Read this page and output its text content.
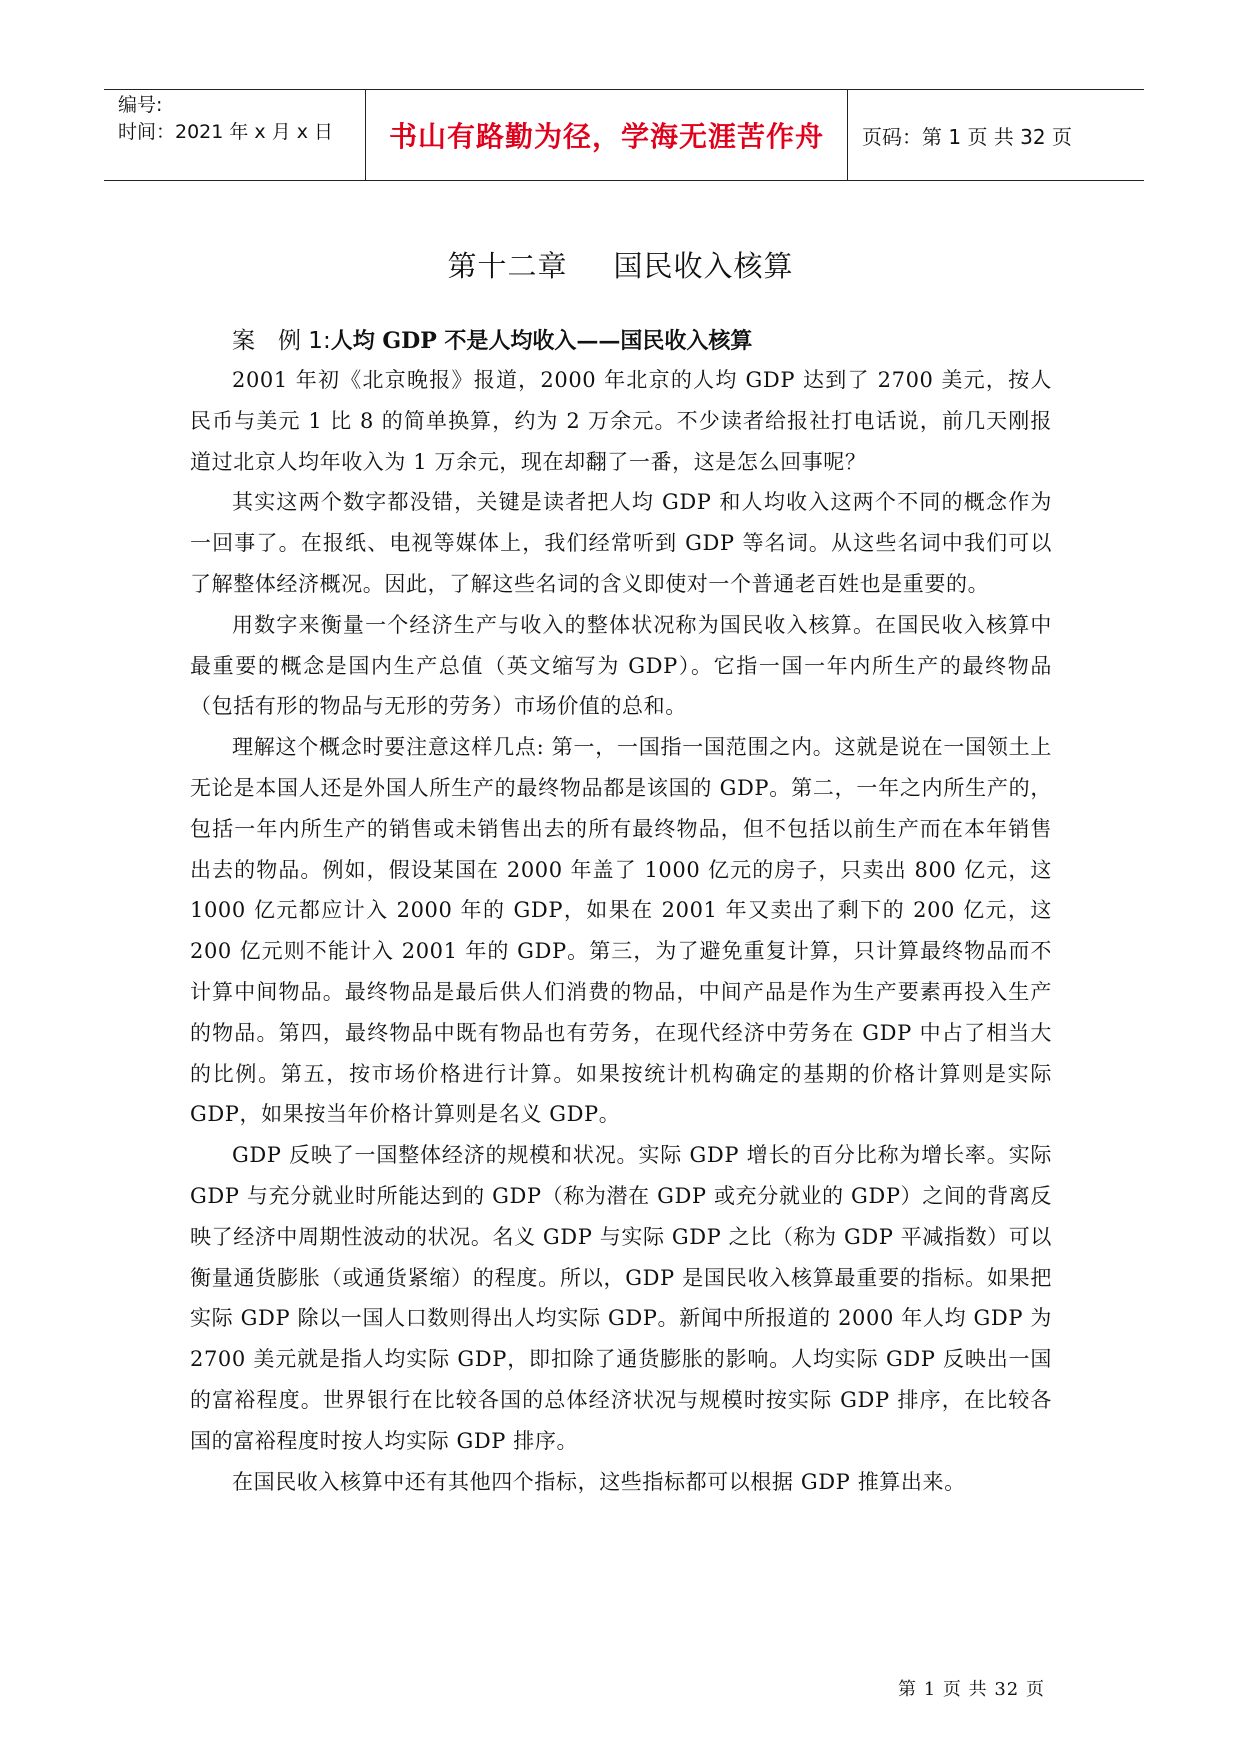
编号:
时间：2021 年 x 月 x 日	书山有路勤为径，学海无涯苦作舟	页码：第 1 页 共 32 页
第十二章 国民收入核算
案　例 1:人均 GDP 不是人均收入——国民收入核算

2001 年初《北京晚报》报道，2000 年北京的人均 GDP 达到了 2700 美元，按人民币与美元 1 比 8 的简单换算，约为 2 万余元。不少读者给报社打电话说，前几天刚报道过北京人均年收入为 1 万余元，现在却翻了一番，这是怎么回事呢？

其实这两个数字都没错，关键是读者把人均 GDP 和人均收入这两个不同的概念作为一回事了。在报纸、电视等媒体上，我们经常听到 GDP 等名词。从这些名词中我们可以了解整体经济概况。因此，了解这些名词的含义即使对一个普通老百姓也是重要的。

用数字来衡量一个经济生产与收入的整体状况称为国民收入核算。在国民收入核算中最重要的概念是国内生产总值（英文缩写为 GDP）。它指一国一年内所生产的最终物品（包括有形的物品与无形的劳务）市场价值的总和。

理解这个概念时要注意这样几点: 第一，一国指一国范围之内。这就是说在一国领土上无论是本国人还是外国人所生产的最终物品都是该国的 GDP。第二，一年之内所生产的，包括一年内所生产的销售或未销售出去的所有最终物品，但不包括以前生产而在本年销售出去的物品。例如，假设某国在 2000 年盖了 1000 亿元的房子，只卖出 800 亿元，这 1000 亿元都应计入 2000 年的 GDP，如果在 2001 年又卖出了剩下的 200 亿元，这 200 亿元则不能计入 2001 年的 GDP。第三，为了避免重复计算，只计算最终物品而不计算中间物品。最终物品是最后供人们消费的物品，中间产品是作为生产要素再投入生产的物品。第四，最终物品中既有物品也有劳务，在现代经济中劳务在 GDP 中占了相当大的比例。第五，按市场价格进行计算。如果按统计机构确定的基期的价格计算则是实际 GDP，如果按当年价格计算则是名义 GDP。

GDP 反映了一国整体经济的规模和状况。实际 GDP 增长的百分比称为增长率。实际 GDP 与充分就业时所能达到的 GDP（称为潜在 GDP 或充分就业的 GDP）之间的背离反映了经济中周期性波动的状况。名义 GDP 与实际 GDP 之比（称为 GDP 平减指数）可以衡量通货膨胀（或通货紧缩）的程度。所以，GDP 是国民收入核算最重要的指标。如果把实际 GDP 除以一国人口数则得出人均实际 GDP。新闻中所报道的 2000 年人均 GDP 为 2700 美元就是指人均实际 GDP，即扣除了通货膨胀的影响。人均实际 GDP 反映出一国的富裕程度。世界银行在比较各国的总体经济状况与规模时按实际 GDP 排序，在比较各国的富裕程度时按人均实际 GDP 排序。

在国民收入核算中还有其他四个指标，这些指标都可以根据 GDP 推算出来。

第 1 页 共 32 页
